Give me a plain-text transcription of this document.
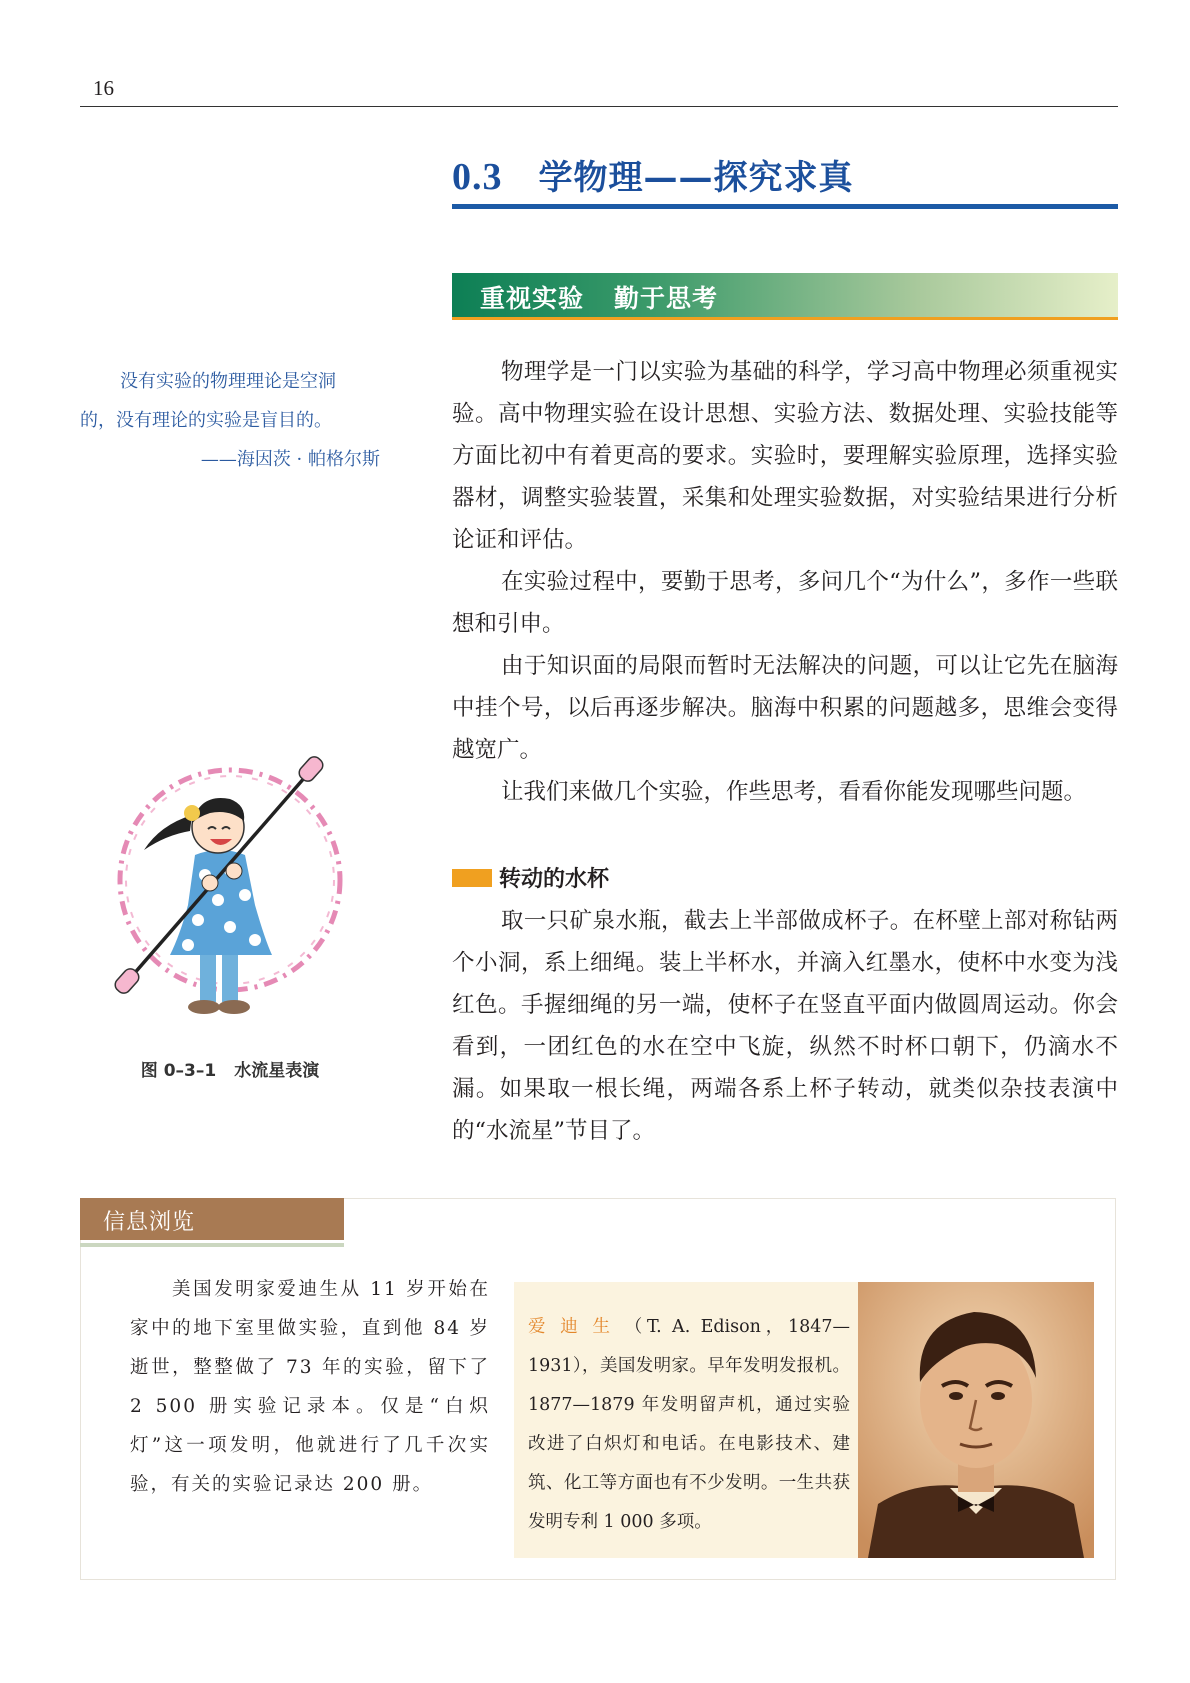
16
0.3 学物理——探究求真
重视实验 勤于思考

没有实验的物理理论是空洞

的，没有理论的实验是盲目的。

——海因茨 · 帕格尔斯

物理学是一门以实验为基础的科学，学习高中物理必须重视实验。高中物理实验在设计思想、实验方法、数据处理、实验技能等方面比初中有着更高的要求。实验时，要理解实验原理，选择实验器材，调整实验装置，采集和处理实验数据，对实验结果进行分析论证和评估。

在实验过程中，要勤于思考，多问几个“为什么”，多作一些联想和引申。

由于知识面的局限而暂时无法解决的问题，可以让它先在脑海中挂个号，以后再逐步解决。脑海中积累的问题越多，思维会变得越宽广。

让我们来做几个实验，作些思考，看看你能发现哪些问题。

转动的水杯

取一只矿泉水瓶，截去上半部做成杯子。在杯壁上部对称钻两个小洞，系上细绳。装上半杯水，并滴入红墨水，使杯中水变为浅红色。手握细绳的另一端，使杯子在竖直平面内做圆周运动。你会看到，一团红色的水在空中飞旋，纵然不时杯口朝下，仍滴水不漏。如果取一根长绳，两端各系上杯子转动，就类似杂技表演中的“水流星”节目了。

图 0–3–1 水流星表演
信息浏览

美国发明家爱迪生从 11 岁开始在家中的地下室里做实验，直到他 84 岁逝世，整整做了 73 年的实验，留下了 2 500 册实验记录本。仅是“白炽灯”这一项发明，他就进行了几千次实验，有关的实验记录达 200 册。

爱迪生（T. A. Edison，1847—1931），美国发明家。早年发明发报机。1877—1879 年发明留声机，通过实验改进了白炽灯和电话。在电影技术、建筑、化工等方面也有不少发明。一生共获发明专利 1 000 多项。
